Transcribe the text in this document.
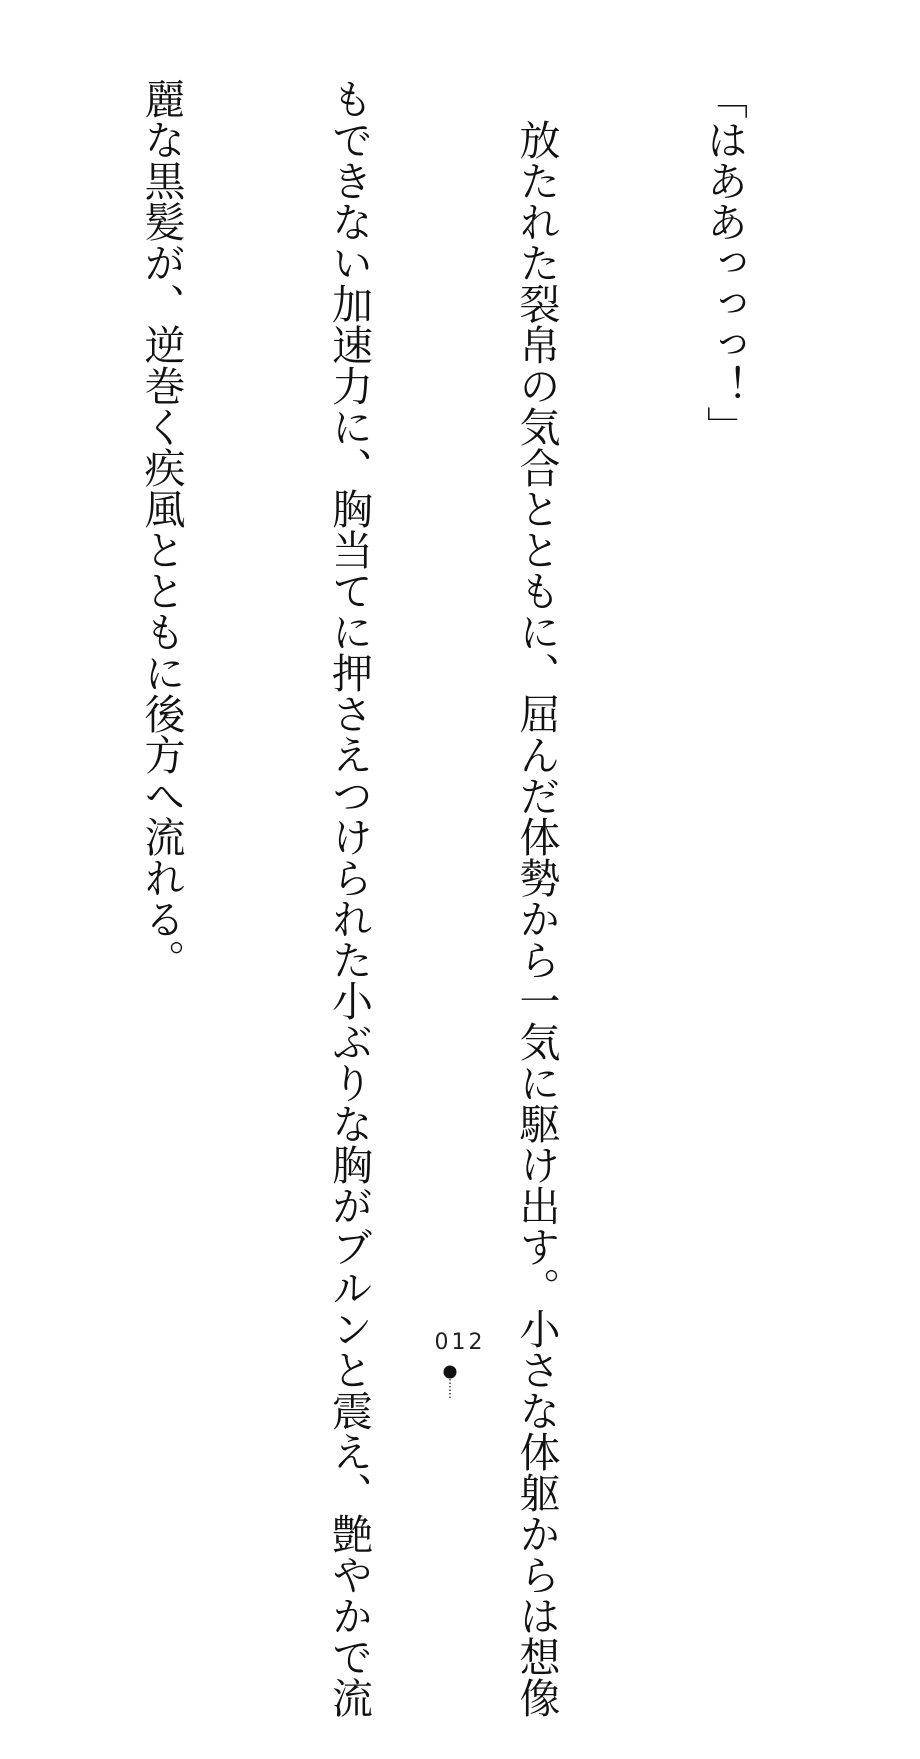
「はああっっっ！」

　放たれた裂帛の気合とともに、屈んだ体勢から一気に駆け出す。小さな体躯からは想像

もできない加速力に、胸当てに押さえつけられた小ぶりな胸がブルンと震え、艶やかで流

麗な黒髪が、逆巻く疾風とともに後方へ流れる。

012
